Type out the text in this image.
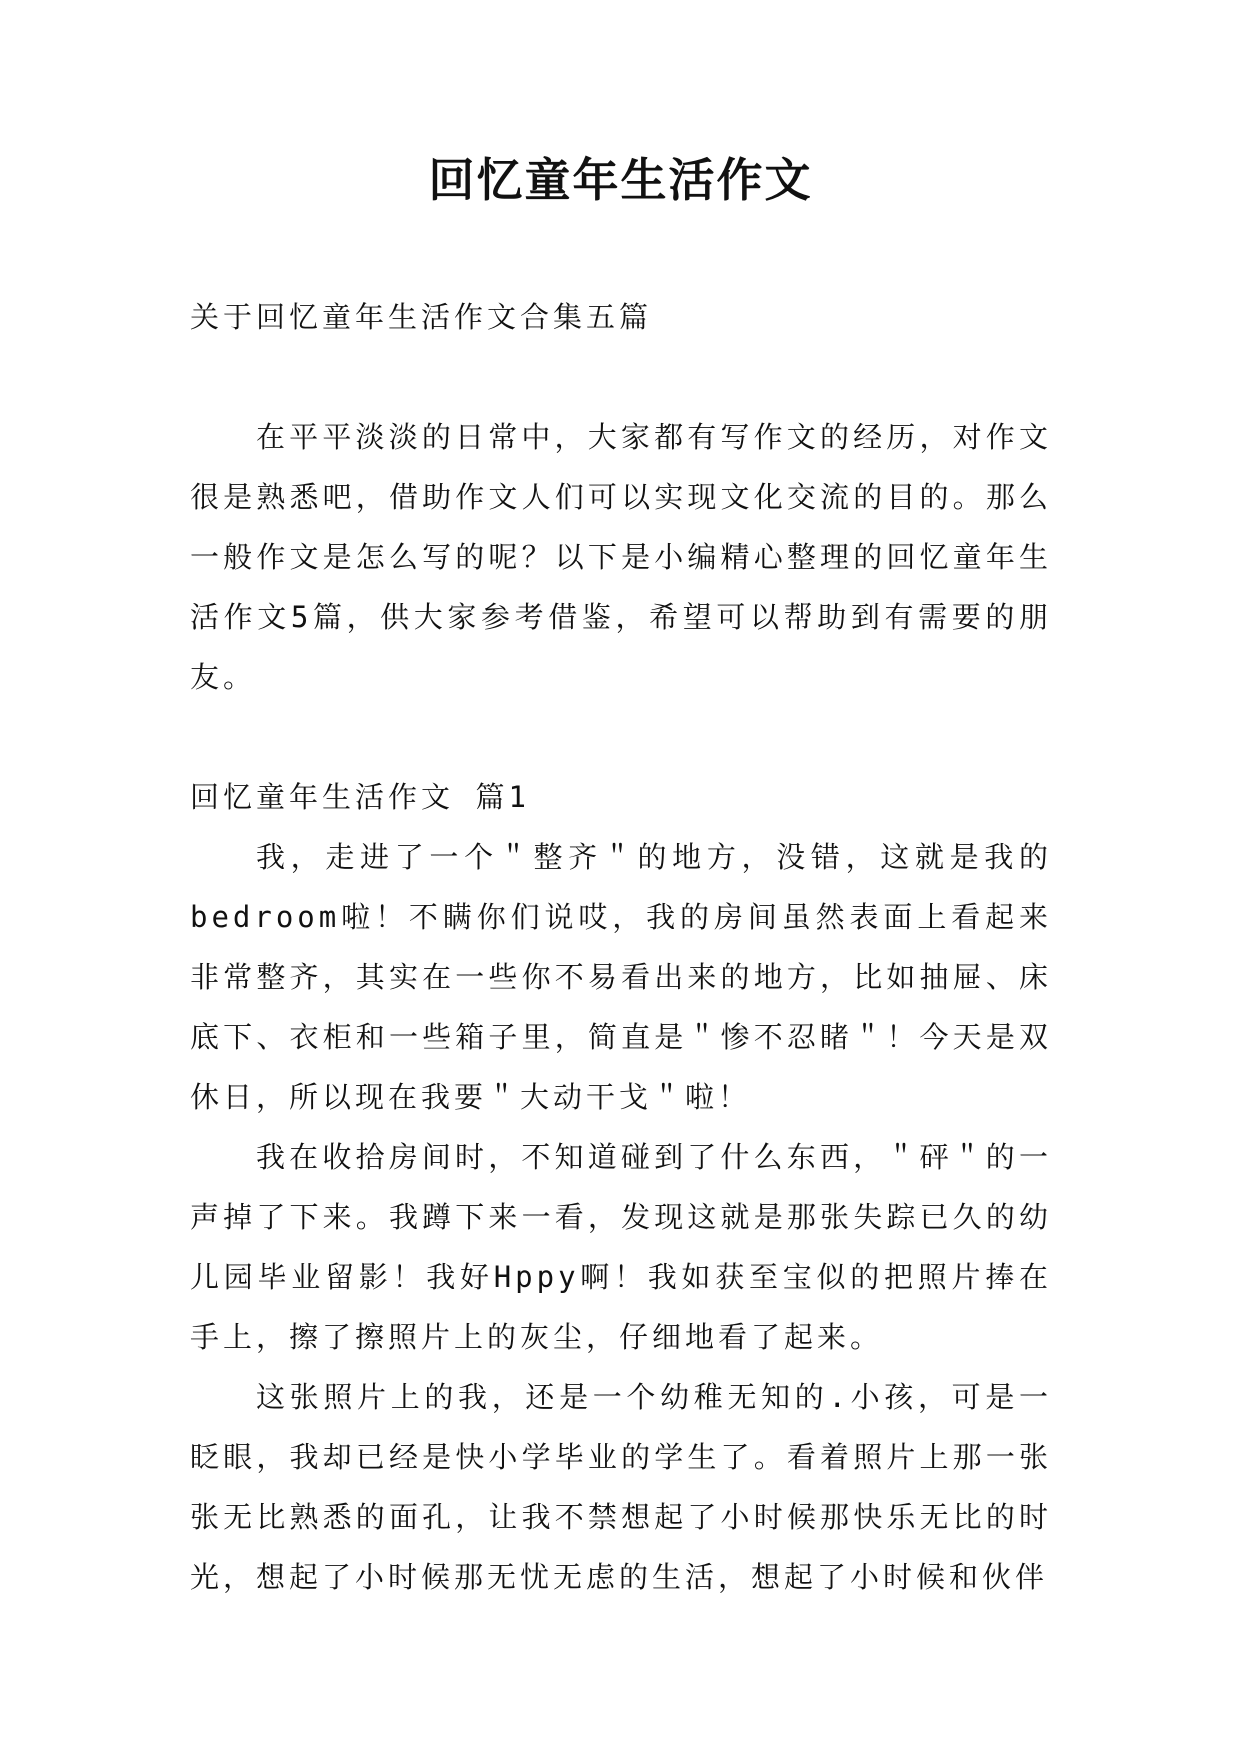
回忆童年生活作文

关于回忆童年生活作文合集五篇

在平平淡淡的日常中，大家都有写作文的经历，对作文很是熟悉吧，借助作文人们可以实现文化交流的目的。那么一般作文是怎么写的呢？以下是小编精心整理的回忆童年生活作文5篇，供大家参考借鉴，希望可以帮助到有需要的朋友。

回忆童年生活作文 篇1

我，走进了一个＂整齐＂的地方，没错，这就是我的bedroom啦！不瞒你们说哎，我的房间虽然表面上看起来非常整齐，其实在一些你不易看出来的地方，比如抽屉、床底下、衣柜和一些箱子里，简直是＂惨不忍睹＂！今天是双休日，所以现在我要＂大动干戈＂啦！

我在收拾房间时，不知道碰到了什么东西，＂砰＂的一声掉了下来。我蹲下来一看，发现这就是那张失踪已久的幼儿园毕业留影！我好Hppy啊！我如获至宝似的把照片捧在手上，擦了擦照片上的灰尘，仔细地看了起来。

这张照片上的我，还是一个幼稚无知的.小孩，可是一眨眼，我却已经是快小学毕业的学生了。看着照片上那一张张无比熟悉的面孔，让我不禁想起了小时候那快乐无比的时光，想起了小时候那无忧无虑的生活，想起了小时候和伙伴
